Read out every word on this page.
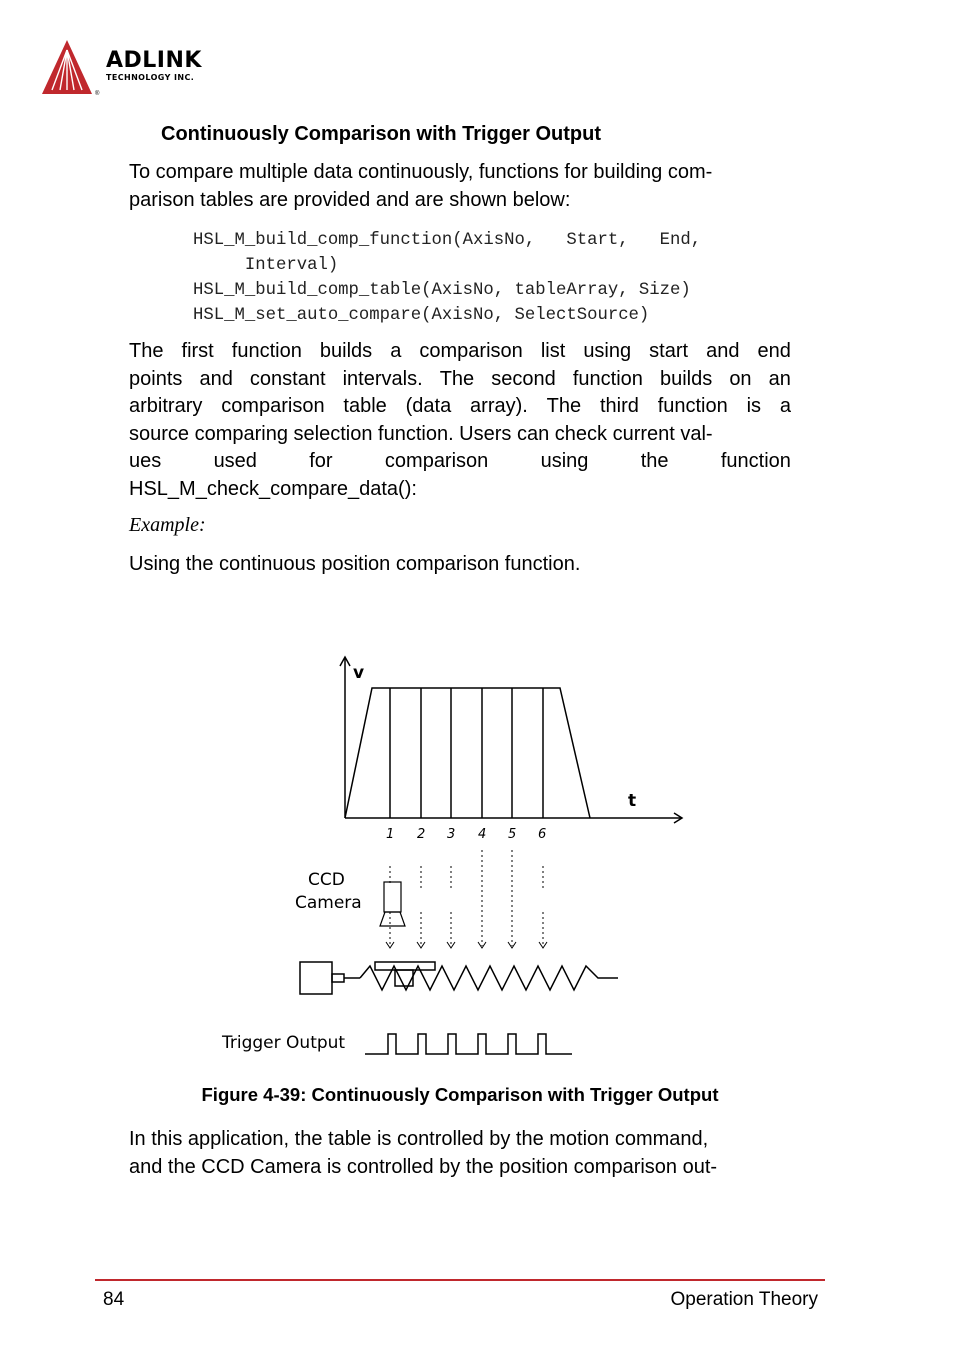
ADLINK
TECHNOLOGY INC.
®
Continuously Comparison with Trigger Output
To compare multiple data continuously, functions for building com-
parison tables are provided and are shown below:
HSL_M_build_comp_function(AxisNo,   Start,   End,
Interval)
HSL_M_build_comp_table(AxisNo, tableArray, Size)
HSL_M_set_auto_compare(AxisNo, SelectSource)
The first function builds a comparison list using start and end
points and constant intervals. The second function builds on an
arbitrary comparison table (data array). The third function is a
source comparing selection function. Users can check current val-
ues	used	for	comparison	using	the	function
HSL_M_check_compare_data():
Example:
Using the continuous position comparison function.
v
t
1 2 3 4 5 6
CCD
Camera
Trigger Output
Figure 4-39: Continuously Comparison with Trigger Output
In this application, the table is controlled by the motion command,
and the CCD Camera is controlled by the position comparison out-
84	Operation Theory
